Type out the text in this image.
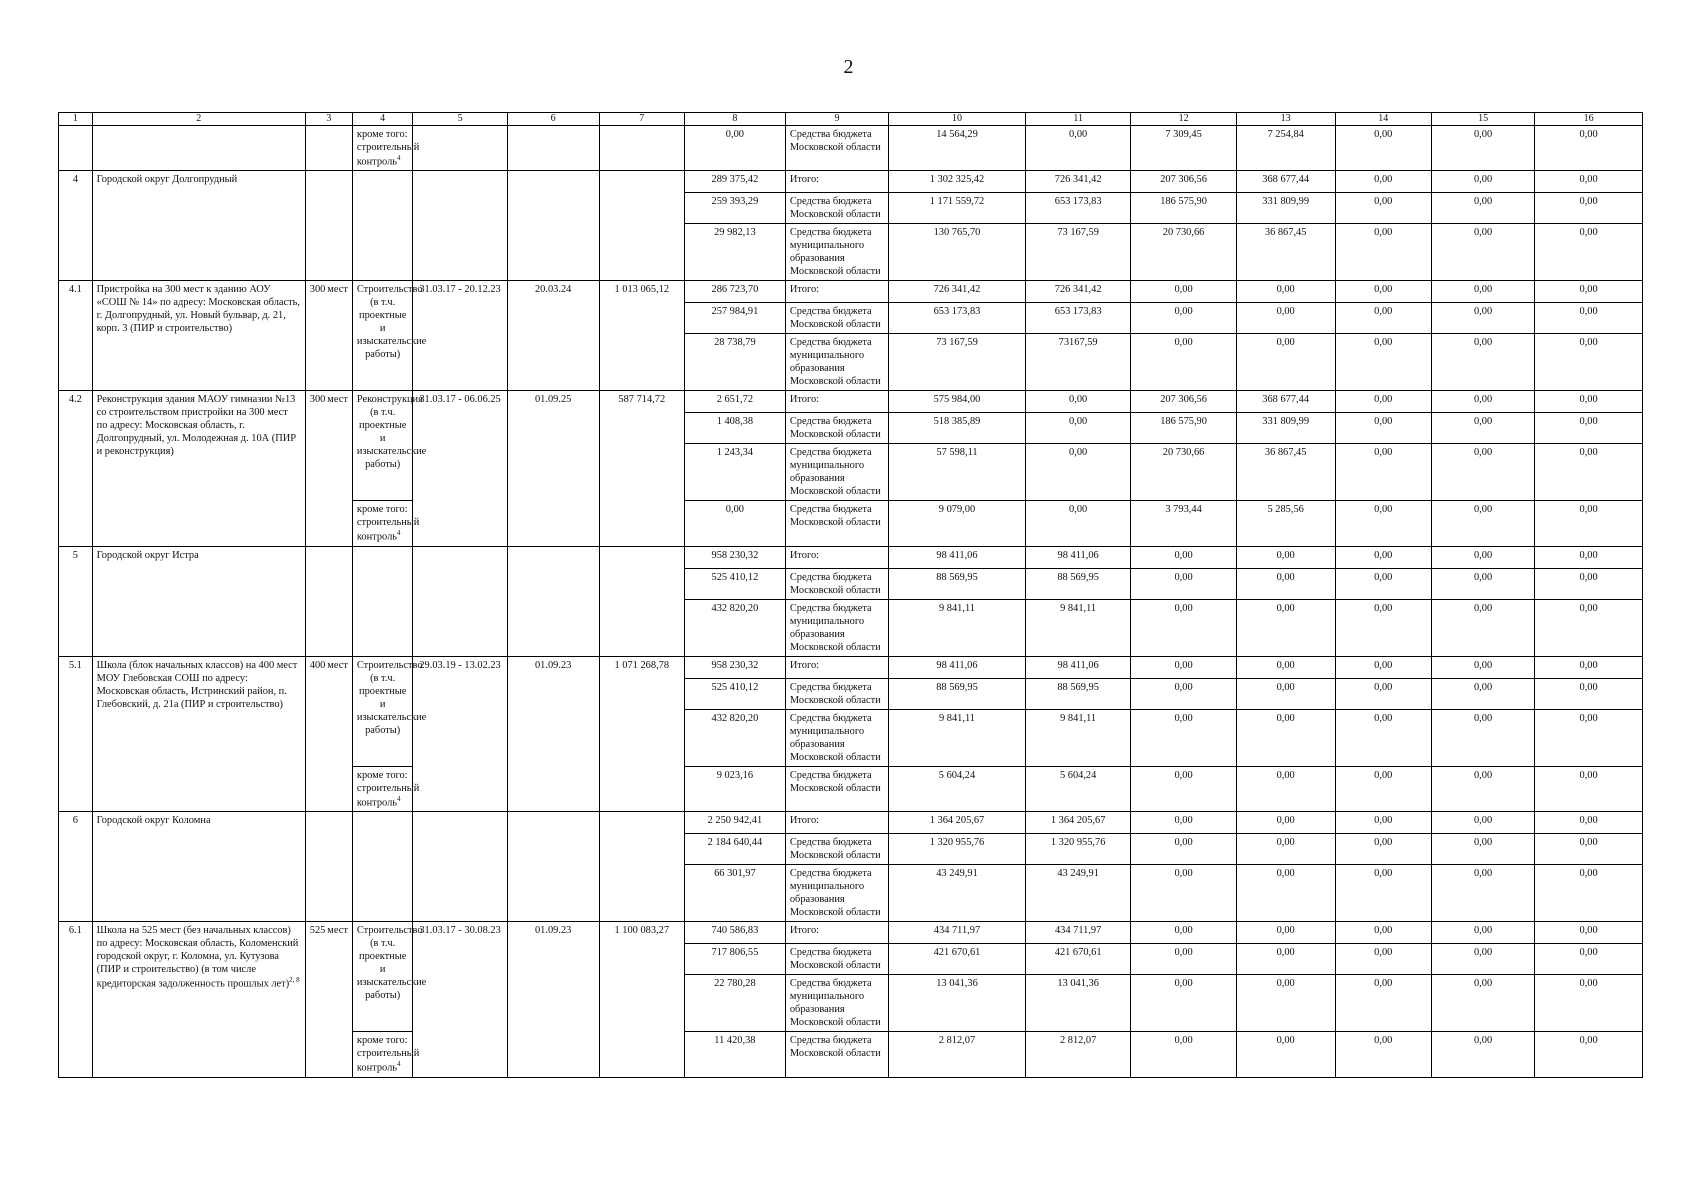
2
1	2	3	4	5	6	7	8	9	10	11	12	13	14	15	16
			кроме того: строительный контроль$^4$				0,00	Средства бюджета Московской области	14 564,29	0,00	7 309,45	7 254,84	0,00	0,00	0,00
4	Городской округ Долгопрудный						289 375,42	Итого:	1 302 325,42	726 341,42	207 306,56	368 677,44	0,00	0,00	0,00
							259 393,29	Средства бюджета Московской области	1 171 559,72	653 173,83	186 575,90	331 809,99	0,00	0,00	0,00
							29 982,13	Средства бюджета муниципального образования Московской области	130 765,70	73 167,59	20 730,66	36 867,45	0,00	0,00	0,00
4.1	Пристройка на 300 мест к зданию АОУ «СОШ № 14» по адресу: Московская область, г. Долгопрудный, ул. Новый бульвар, д. 21, корп. 3 (ПИР и строительство)	300 мест	Строительство (в т.ч. проектные и изыскательские работы)	31.03.17 - 20.12.23	20.03.24	1 013 065,12	286 723,70	Итого:	726 341,42	726 341,42	0,00	0,00	0,00	0,00	0,00
							257 984,91	Средства бюджета Московской области	653 173,83	653 173,83	0,00	0,00	0,00	0,00	0,00
							28 738,79	Средства бюджета муниципального образования Московской области	73 167,59	73167,59	0,00	0,00	0,00	0,00	0,00
4.2	Реконструкция здания МАОУ гимназии №13 со строительством пристройки на 300 мест по адресу: Московская область, г. Долгопрудный, ул. Молодежная д. 10А (ПИР и реконструкция)	300 мест	Реконструкция (в т.ч. проектные и изыскательские работы)	31.03.17 - 06.06.25	01.09.25	587 714,72	2 651,72	Итого:	575 984,00	0,00	207 306,56	368 677,44	0,00	0,00	0,00
							1 408,38	Средства бюджета Московской области	518 385,89	0,00	186 575,90	331 809,99	0,00	0,00	0,00
							1 243,34	Средства бюджета муниципального образования Московской области	57 598,11	0,00	20 730,66	36 867,45	0,00	0,00	0,00
			кроме того: строительный контроль$^4$				0,00	Средства бюджета Московской области	9 079,00	0,00	3 793,44	5 285,56	0,00	0,00	0,00
5	Городской округ Истра						958 230,32	Итого:	98 411,06	98 411,06	0,00	0,00	0,00	0,00	0,00
							525 410,12	Средства бюджета Московской области	88 569,95	88 569,95	0,00	0,00	0,00	0,00	0,00
							432 820,20	Средства бюджета муниципального образования Московской области	9 841,11	9 841,11	0,00	0,00	0,00	0,00	0,00
5.1	Школа (блок начальных классов) на 400 мест МОУ Глебовская СОШ по адресу: Московская область, Истринский район, п. Глебовский, д. 21а (ПИР и строительство)	400 мест	Строительство (в т.ч. проектные и изыскательские работы)	29.03.19 - 13.02.23	01.09.23	1 071 268,78	958 230,32	Итого:	98 411,06	98 411,06	0,00	0,00	0,00	0,00	0,00
							525 410,12	Средства бюджета Московской области	88 569,95	88 569,95	0,00	0,00	0,00	0,00	0,00
							432 820,20	Средства бюджета муниципального образования Московской области	9 841,11	9 841,11	0,00	0,00	0,00	0,00	0,00
			кроме того: строительный контроль$^4$				9 023,16	Средства бюджета Московской области	5 604,24	5 604,24	0,00	0,00	0,00	0,00	0,00
6	Городской округ Коломна						2 250 942,41	Итого:	1 364 205,67	1 364 205,67	0,00	0,00	0,00	0,00	0,00
							2 184 640,44	Средства бюджета Московской области	1 320 955,76	1 320 955,76	0,00	0,00	0,00	0,00	0,00
							66 301,97	Средства бюджета муниципального образования Московской области	43 249,91	43 249,91	0,00	0,00	0,00	0,00	0,00
6.1	Школа на 525 мест (без начальных классов) по адресу: Московская область, Коломенский городской округ, г. Коломна, ул. Кутузова (ПИР и строительство) (в том числе кредиторская задолженность прошлых лет)$^{2, 8}$	525 мест	Строительство (в т.ч. проектные и изыскательские работы)	31.03.17 - 30.08.23	01.09.23	1 100 083,27	740 586,83	Итого:	434 711,97	434 711,97	0,00	0,00	0,00	0,00	0,00
							717 806,55	Средства бюджета Московской области	421 670,61	421 670,61	0,00	0,00	0,00	0,00	0,00
							22 780,28	Средства бюджета муниципального образования Московской области	13 041,36	13 041,36	0,00	0,00	0,00	0,00	0,00
			кроме того: строительный контроль$^4$				11 420,38	Средства бюджета Московской области	2 812,07	2 812,07	0,00	0,00	0,00	0,00	0,00
